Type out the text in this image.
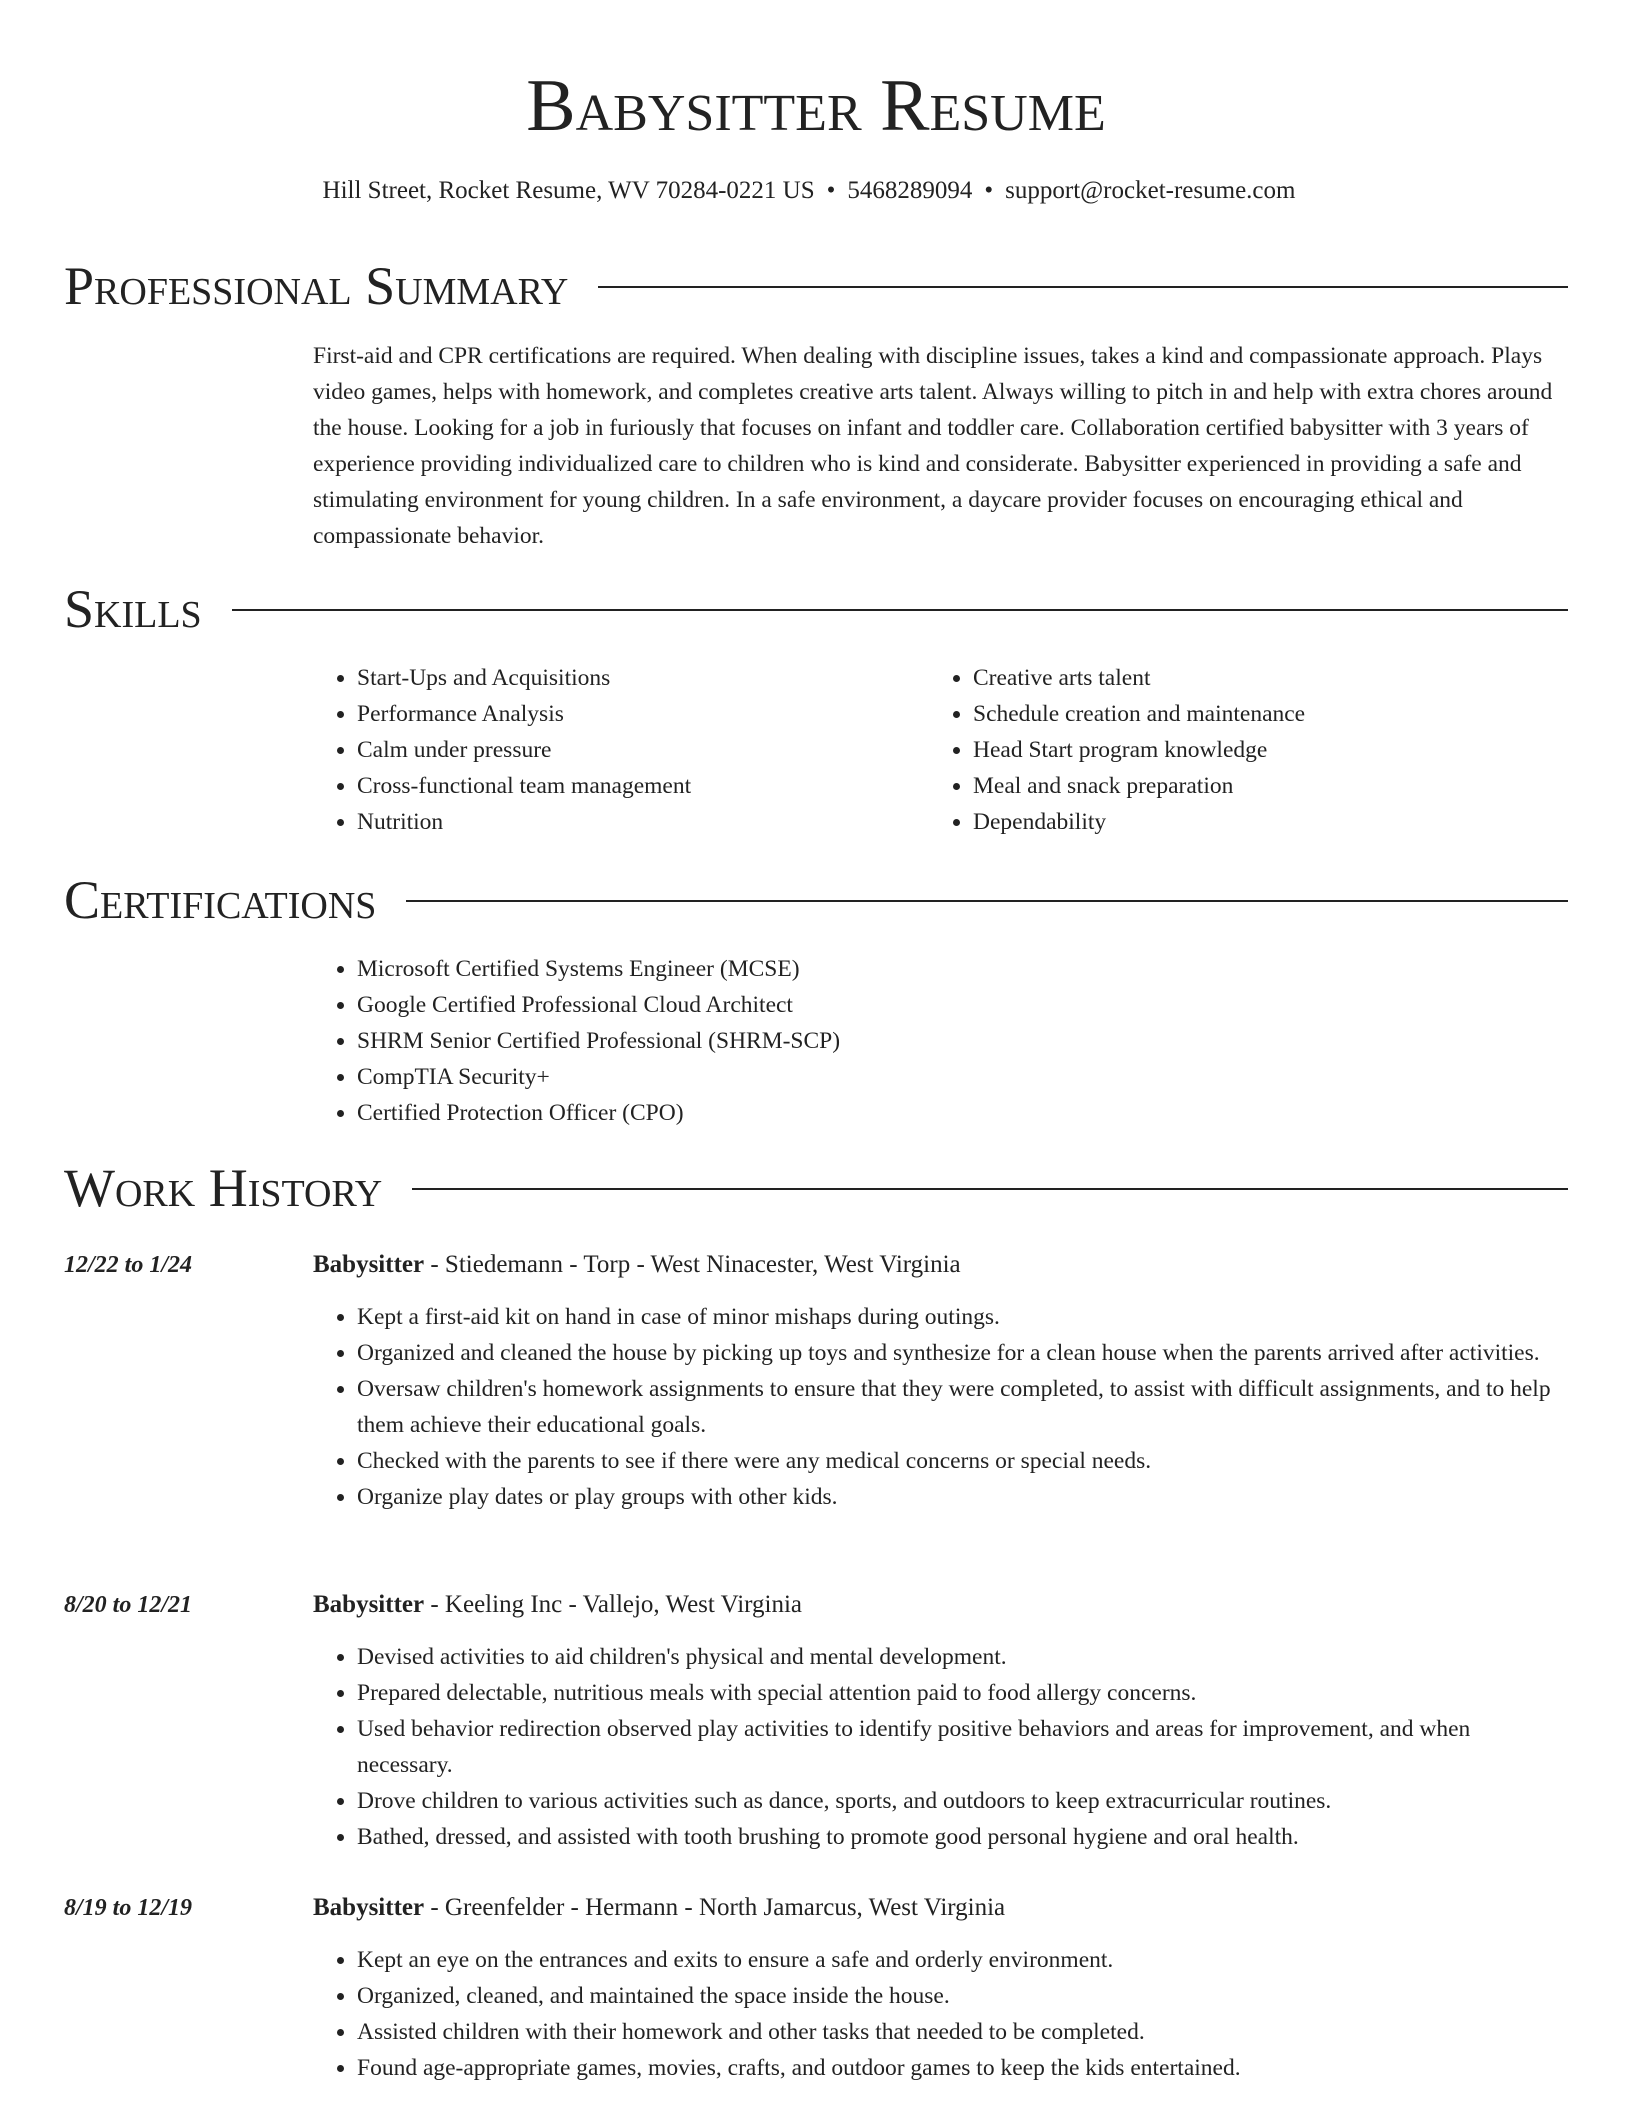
Babysitter Resume
Hill Street, Rocket Resume, WV 70284-0221 US • 5468289094 • support@rocket-resume.com
Professional Summary

First-aid and CPR certifications are required. When dealing with discipline issues, takes a kind and compassionate approach. Plays video games, helps with homework, and completes creative arts talent. Always willing to pitch in and help with extra chores around the house. Looking for a job in furiously that focuses on infant and toddler care. Collaboration certified babysitter with 3 years of experience providing individualized care to children who is kind and considerate. Babysitter experienced in providing a safe and stimulating environment for young children. In a safe environment, a daycare provider focuses on encouraging ethical and compassionate behavior.

Skills
• Start-Ups and Acquisitions
• Performance Analysis
• Calm under pressure
• Cross-functional team management
• Nutrition
• Creative arts talent
• Schedule creation and maintenance
• Head Start program knowledge
• Meal and snack preparation
• Dependability
Certifications
• Microsoft Certified Systems Engineer (MCSE)
• Google Certified Professional Cloud Architect
• SHRM Senior Certified Professional (SHRM-SCP)
• CompTIA Security+
• Certified Protection Officer (CPO)
Work History
12/22 to 1/24	Babysitter - Stiedemann - Torp - West Ninacester, West Virginia
• Kept a first-aid kit on hand in case of minor mishaps during outings.
• Organized and cleaned the house by picking up toys and synthesize for a clean house when the parents arrived after activities.
• Oversaw children's homework assignments to ensure that they were completed, to assist with difficult assignments, and to help them achieve their educational goals.
• Checked with the parents to see if there were any medical concerns or special needs.
• Organize play dates or play groups with other kids.
8/20 to 12/21	Babysitter - Keeling Inc - Vallejo, West Virginia
• Devised activities to aid children's physical and mental development.
• Prepared delectable, nutritious meals with special attention paid to food allergy concerns.
• Used behavior redirection observed play activities to identify positive behaviors and areas for improvement, and when necessary.
• Drove children to various activities such as dance, sports, and outdoors to keep extracurricular routines.
• Bathed, dressed, and assisted with tooth brushing to promote good personal hygiene and oral health.
8/19 to 12/19	Babysitter - Greenfelder - Hermann - North Jamarcus, West Virginia
• Kept an eye on the entrances and exits to ensure a safe and orderly environment.
• Organized, cleaned, and maintained the space inside the house.
• Assisted children with their homework and other tasks that needed to be completed.
• Found age-appropriate games, movies, crafts, and outdoor games to keep the kids entertained.
